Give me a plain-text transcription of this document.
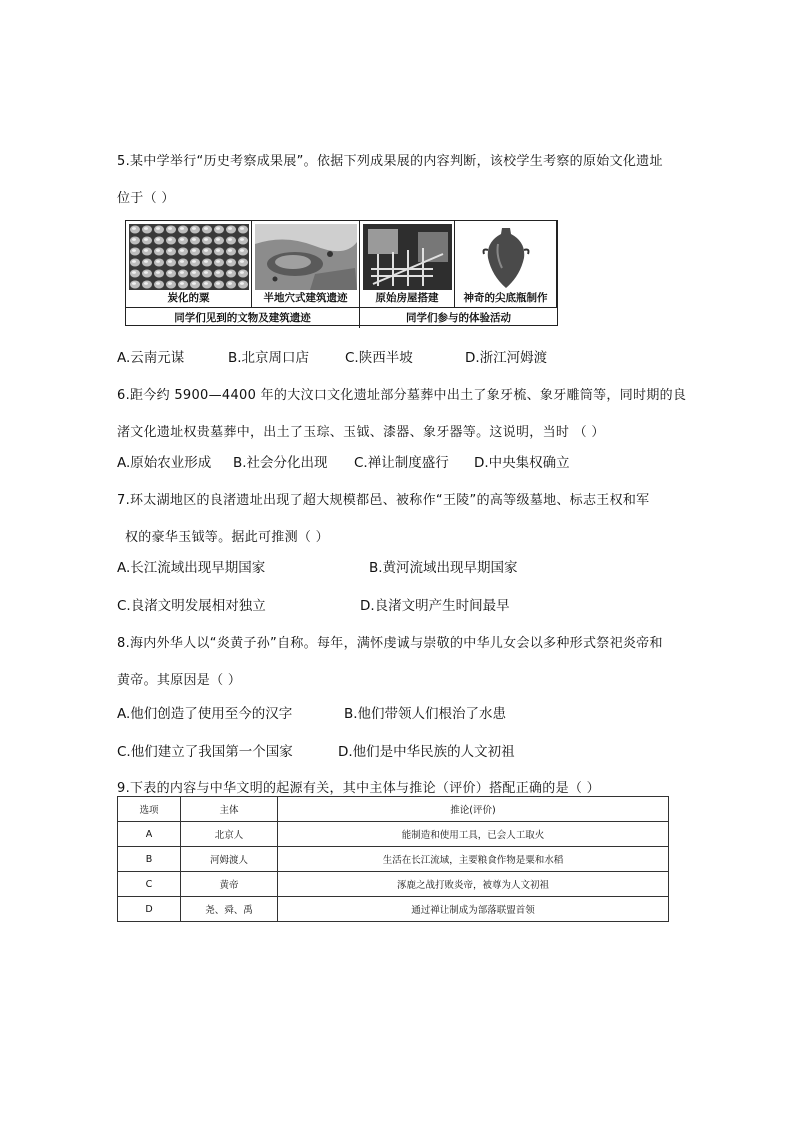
5.某中学举行“历史考察成果展”。依据下列成果展的内容判断，该校学生考察的原始文化遗址
位于（ ）
炭化的粟	半地穴式建筑遗迹	原始房屋搭建	神奇的尖底瓶制作
同学们见到的文物及建筑遗迹	同学们参与的体验活动
A.云南元谋	B.北京周口店	C.陕西半坡	D.浙江河姆渡
6.距今约 5900—4400 年的大汶口文化遗址部分墓葬中出土了象牙梳、象牙雕筒等，同时期的良
渚文化遗址权贵墓葬中，出土了玉琮、玉钺、漆器、象牙器等。这说明，当时 （ ）
A.原始农业形成 B.社会分化出现 C.禅让制度盛行 D.中央集权确立
7.环太湖地区的良渚遗址出现了超大规模都邑、被称作“王陵”的高等级墓地、标志王权和军
权的豪华玉钺等。据此可推测（ ）
A.长江流域出现早期国家	B.黄河流域出现早期国家
C.良渚文明发展相对独立	D.良渚文明产生时间最早
8.海内外华人以“炎黄子孙”自称。每年，满怀虔诚与崇敬的中华儿女会以多种形式祭祀炎帝和
黄帝。其原因是（ ）
A.他们创造了使用至今的汉字	B.他们带领人们根治了水患
C.他们建立了我国第一个国家	D.他们是中华民族的人文初祖
9.下表的内容与中华文明的起源有关，其中主体与推论（评价）搭配正确的是（ ）
选项	主体	推论(评价)
A	北京人	能制造和使用工具，已会人工取火
B	河姆渡人	生活在长江流域，主要粮食作物是粟和水稻
C	黄帝	涿鹿之战打败炎帝，被尊为人文初祖
D	尧、舜、禹	通过禅让制成为部落联盟首领
